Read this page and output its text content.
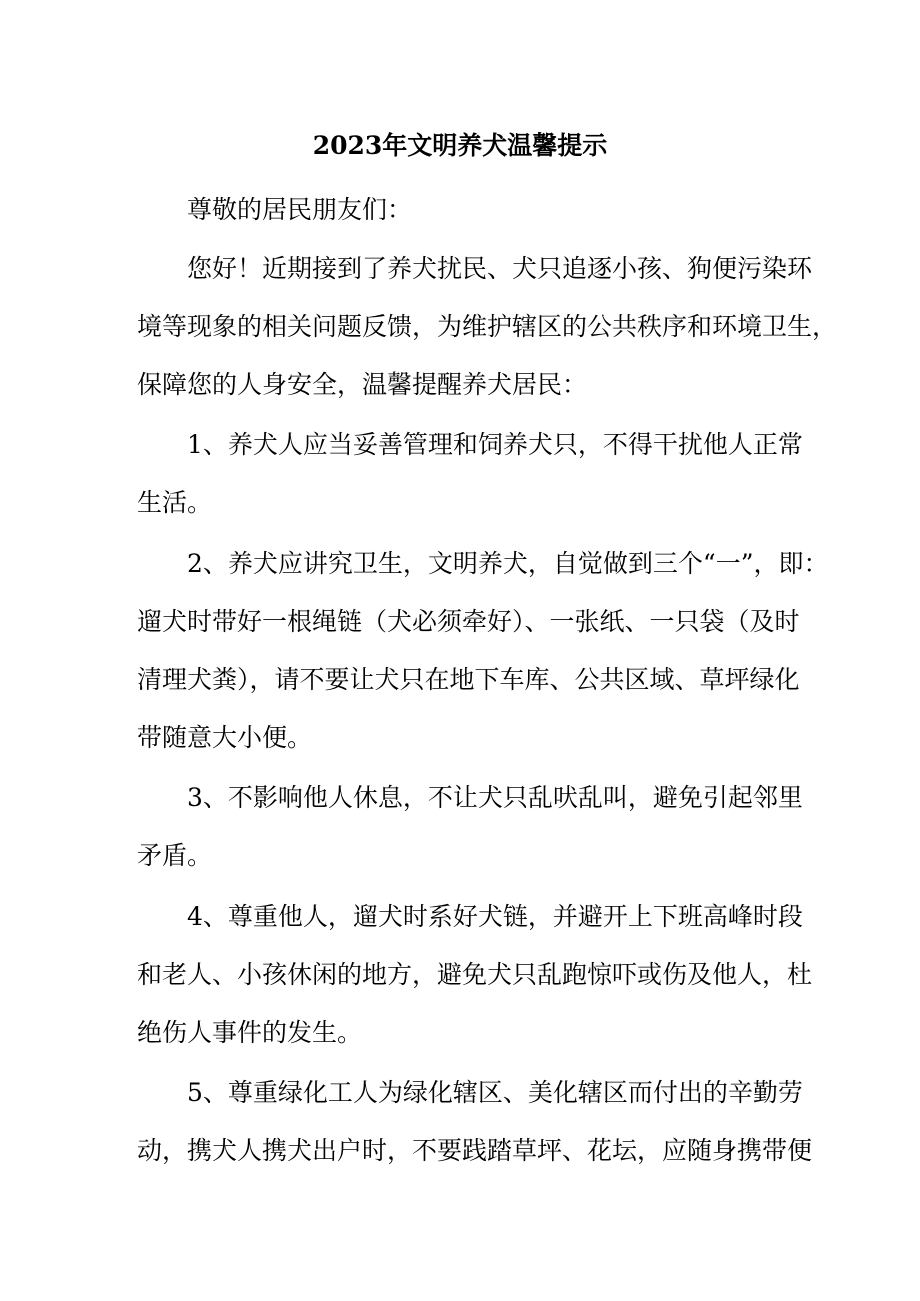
2023年文明养犬温馨提示
尊敬的居民朋友们：
您好！近期接到了养犬扰民、犬只追逐小孩、狗便污染环
境等现象的相关问题反馈，为维护辖区的公共秩序和环境卫生，
保障您的人身安全，温馨提醒养犬居民：
1、养犬人应当妥善管理和饲养犬只，不得干扰他人正常
生活。
2、养犬应讲究卫生，文明养犬，自觉做到三个“一”，即：
遛犬时带好一根绳链（犬必须牵好）、一张纸、一只袋（及时
清理犬粪），请不要让犬只在地下车库、公共区域、草坪绿化
带随意大小便。
3、不影响他人休息，不让犬只乱吠乱叫，避免引起邻里
矛盾。
4、尊重他人，遛犬时系好犬链，并避开上下班高峰时段
和老人、小孩休闲的地方，避免犬只乱跑惊吓或伤及他人，杜
绝伤人事件的发生。
5、尊重绿化工人为绿化辖区、美化辖区而付出的辛勤劳
动，携犬人携犬出户时，不要践踏草坪、花坛，应随身携带便
